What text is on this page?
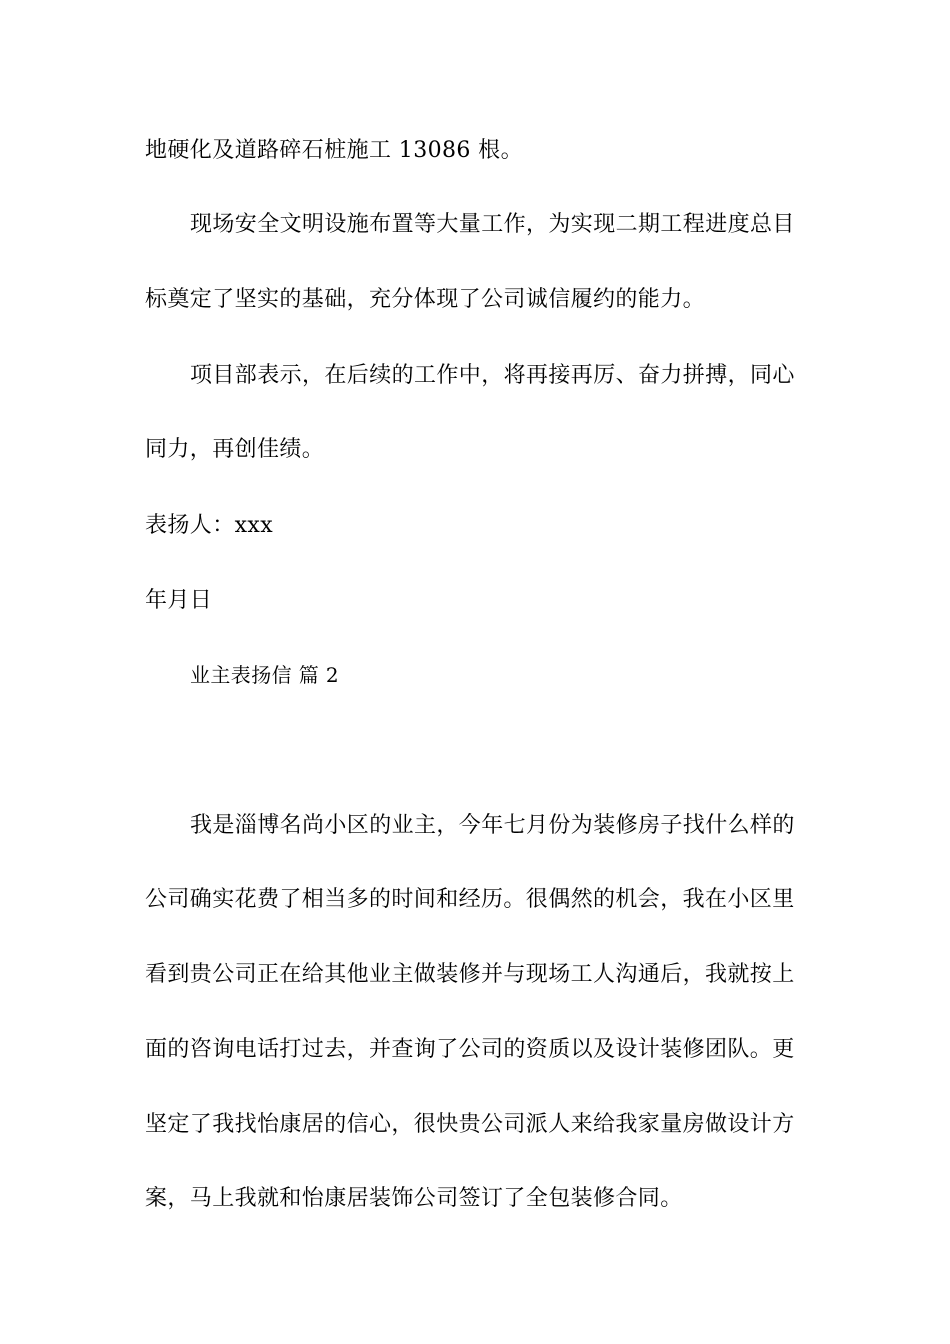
地硬化及道路碎石桩施工 13086 根。
现场安全文明设施布置等大量工作，为实现二期工程进度总目
标奠定了坚实的基础，充分体现了公司诚信履约的能力。
项目部表示，在后续的工作中，将再接再厉、奋力拼搏，同心
同力，再创佳绩。
表扬人：xxx
年月日
业主表扬信 篇 2
我是淄博名尚小区的业主，今年七月份为装修房子找什么样的
公司确实花费了相当多的时间和经历。很偶然的机会，我在小区里
看到贵公司正在给其他业主做装修并与现场工人沟通后，我就按上
面的咨询电话打过去，并查询了公司的资质以及设计装修团队。更
坚定了我找怡康居的信心，很快贵公司派人来给我家量房做设计方
案，马上我就和怡康居装饰公司签订了全包装修合同。
